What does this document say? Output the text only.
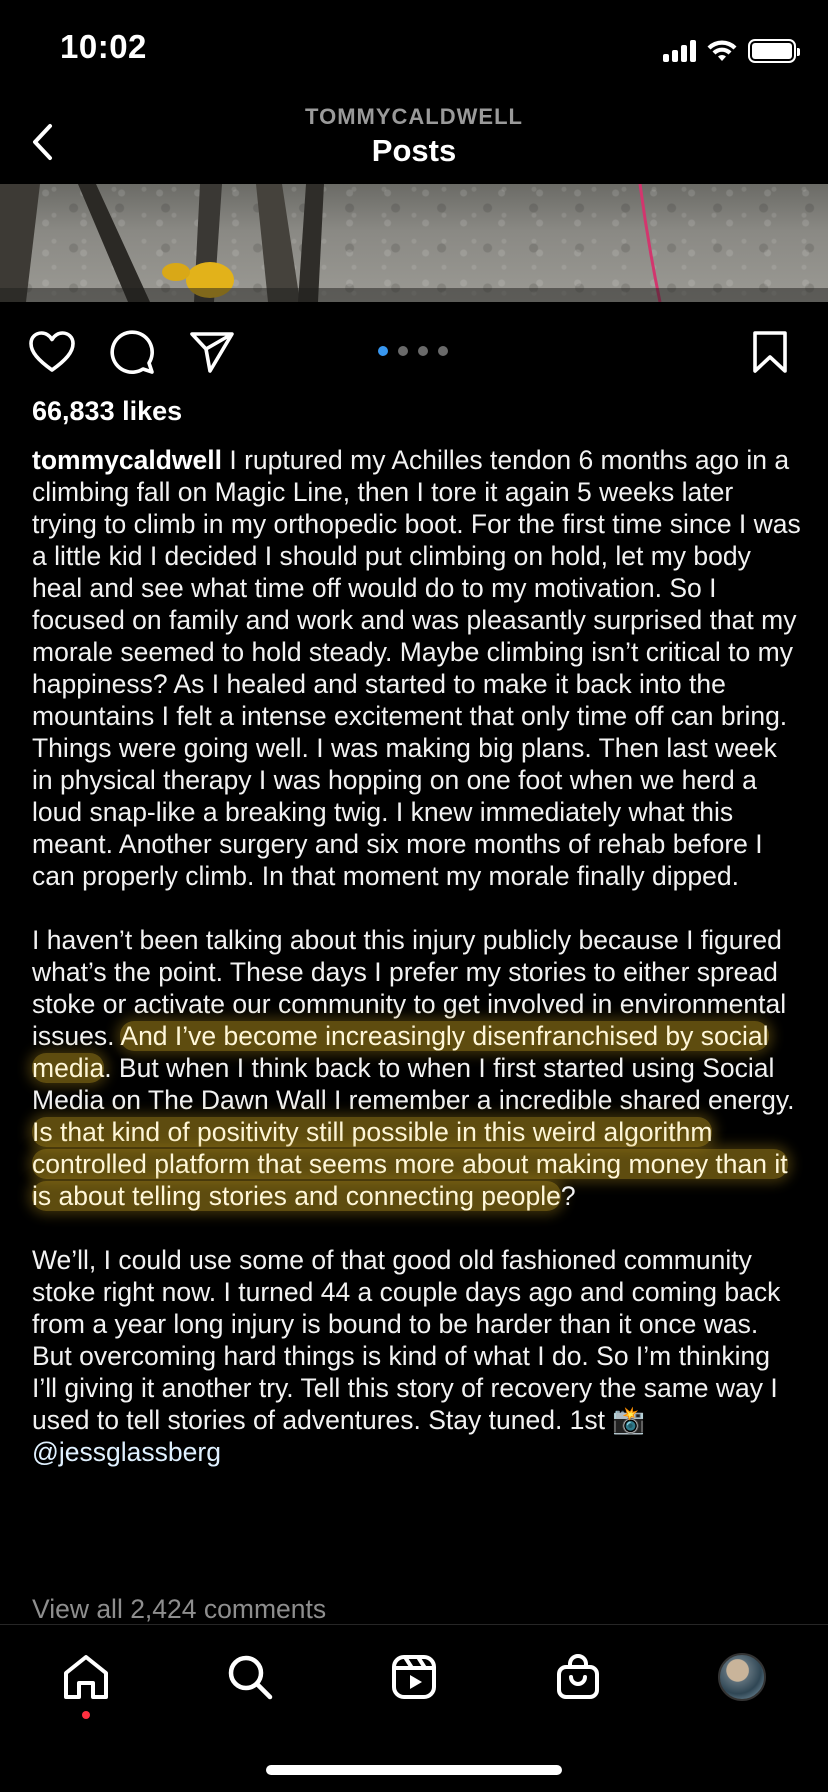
10:02
TOMMYCALDWELL
Posts
66,833 likes

tommycaldwell I ruptured my Achilles tendon 6 months ago in a climbing fall on Magic Line, then I tore it again 5 weeks later trying to climb in my orthopedic boot. For the first time since I was a little kid I decided I should put climbing on hold, let my body heal and see what time off would do to my motivation. So I focused on family and work and was pleasantly surprised that my morale seemed to hold steady. Maybe climbing isn’t critical to my happiness? As I healed and started to make it back into the mountains I felt a intense excitement that only time off can bring. Things were going well. I was making big plans. Then last week in physical therapy I was hopping on one foot when we herd a loud snap-like a breaking twig. I knew immediately what this meant. Another surgery and six more months of rehab before I can properly climb. In that moment my morale finally dipped.

I haven’t been talking about this injury publicly because I figured what’s the point. These days I prefer my stories to either spread stoke or activate our community to get involved in environmental issues. And I’ve become increasingly disenfranchised by social media. But when I think back to when I first started using Social Media on The Dawn Wall I remember a incredible shared energy. Is that kind of positivity still possible in this weird algorithm controlled platform that seems more about making money than it is about telling stories and connecting people?

We’ll, I could use some of that good old fashioned community stoke right now. I turned 44 a couple days ago and coming back from a year long injury is bound to be harder than it once was. But overcoming hard things is kind of what I do. So I’m thinking I’ll giving it another try. Tell this story of recovery the same way I used to tell stories of adventures. Stay tuned. 1st 📸 @jessglassberg

View all 2,424 comments
